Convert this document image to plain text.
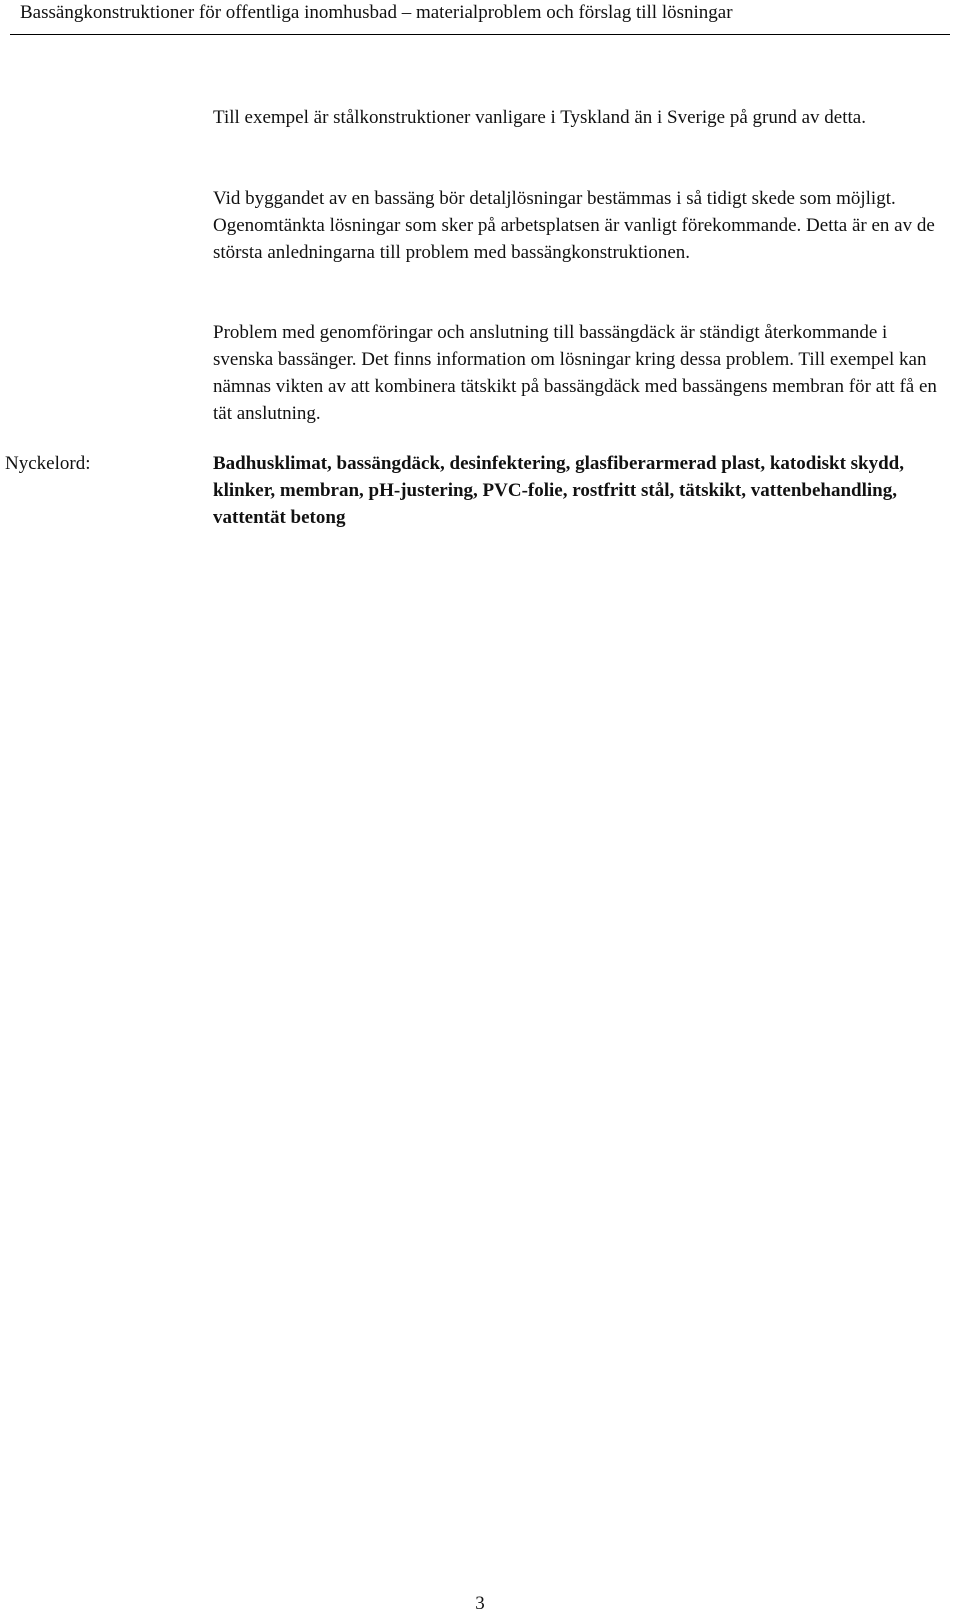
Bassängkonstruktioner för offentliga inomhusbad – materialproblem och förslag till lösningar

Till exempel är stålkonstruktioner vanligare i Tyskland än i Sverige på grund av detta.

Vid byggandet av en bassäng bör detaljlösningar bestämmas i så tidigt skede som möjligt. Ogenomtänkta lösningar som sker på arbetsplatsen är vanligt förekommande. Detta är en av de största anledningarna till problem med bassängkonstruktionen.

Problem med genomföringar och anslutning till bassängdäck är ständigt återkommande i svenska bassänger. Det finns information om lösningar kring dessa problem. Till exempel kan nämnas vikten av att kombinera tätskikt på bassängdäck med bassängens membran för att få en tät anslutning.

Nyckelord:	Badhusklimat, bassängdäck, desinfektering, glasfiberarmerad plast, katodiskt skydd, klinker, membran, pH-justering, PVC-folie, rostfritt stål, tätskikt, vattenbehandling, vattentät betong

3
